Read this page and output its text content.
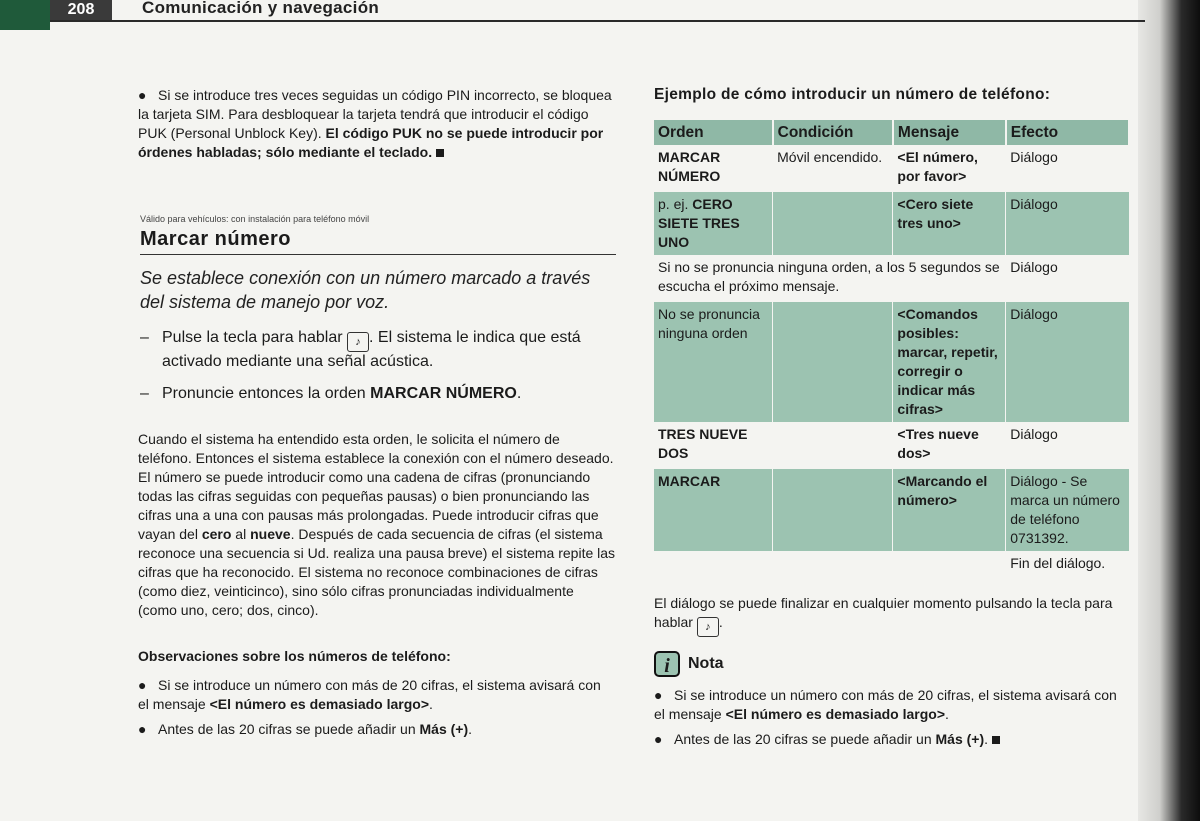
208	Comunicación y navegación

● Si se introduce tres veces seguidas un código PIN incorrecto, se bloquea la tarjeta SIM. Para desbloquear la tarjeta tendrá que introducir el código PUK (Personal Unblock Key). El código PUK no se puede introducir por órdenes habladas; sólo mediante el teclado.

Válido para vehículos: con instalación para teléfono móvil
Marcar número
Se establece conexión con un número marcado a través del sistema de manejo por voz.
– Pulse la tecla para hablar ♪ . El sistema le indica que está activado mediante una señal acústica.
– Pronuncie entonces la orden MARCAR NÚMERO.
Cuando el sistema ha entendido esta orden, le solicita el número de teléfono. Entonces el sistema establece la conexión con el número deseado. El número se puede introducir como una cadena de cifras (pronunciando todas las cifras seguidas con pequeñas pausas) o bien pronunciando las cifras una a una con pausas más prolongadas. Puede introducir cifras que vayan del cero al nueve. Después de cada secuencia de cifras (el sistema reconoce una secuencia si Ud. realiza una pausa breve) el sistema repite las cifras que ha reconocido. El sistema no reconoce combinaciones de cifras (como diez, veinticinco), sino sólo cifras pronunciadas individualmente (como uno, cero; dos, cinco).
Observaciones sobre los números de teléfono:
● Si se introduce un número con más de 20 cifras, el sistema avisará con el mensaje <El número es demasiado largo>.
● Antes de las 20 cifras se puede añadir un Más (+).
Ejemplo de cómo introducir un número de teléfono:
Orden	Condición	Mensaje	Efecto
MARCAR NÚMERO	Móvil encendido.	<El número, por favor>	Diálogo
p. ej. CERO SIETE TRES UNO		<Cero siete tres uno>	Diálogo
Si no se pronuncia ninguna orden, a los 5 segundos se escucha el próximo mensaje.			Diálogo
No se pronuncia ninguna orden		<Comandos posibles: marcar, repetir, corregir o indicar más cifras>	Diálogo
TRES NUEVE DOS		<Tres nueve dos>	Diálogo
MARCAR		<Marcando el número>	Diálogo - Se marca un número de teléfono 0731392.
			Fin del diálogo.
El diálogo se puede finalizar en cualquier momento pulsando la tecla para hablar ♪ .
i	Nota
● Si se introduce un número con más de 20 cifras, el sistema avisará con el mensaje <El número es demasiado largo>.
● Antes de las 20 cifras se puede añadir un Más (+).
